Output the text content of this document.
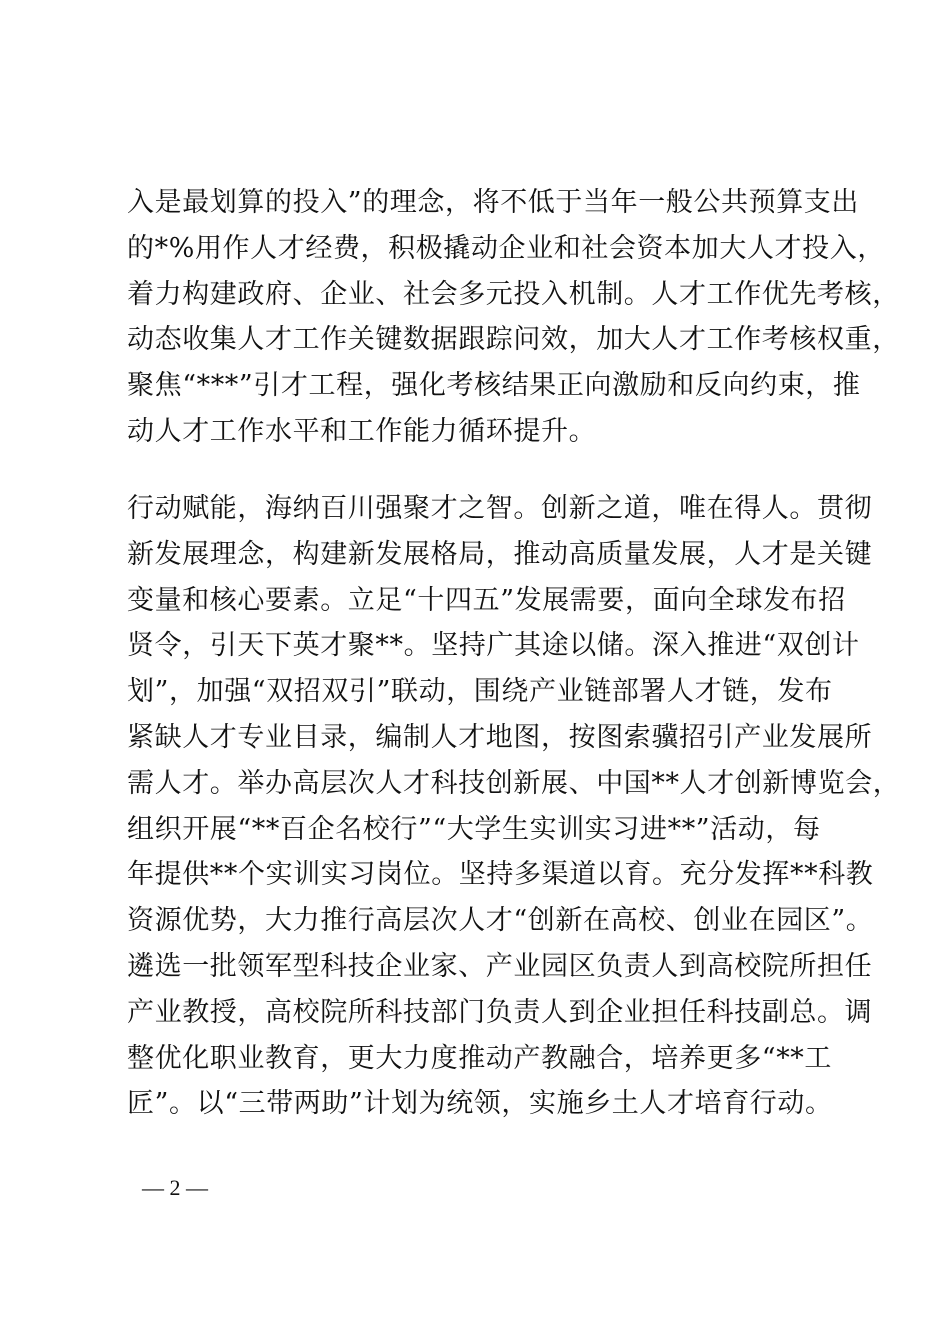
入是最划算的投入”的理念，将不低于当年一般公共预算支出
的*%用作人才经费，积极撬动企业和社会资本加大人才投入，
着力构建政府、企业、社会多元投入机制。人才工作优先考核，
动态收集人才工作关键数据跟踪问效，加大人才工作考核权重，
聚焦“***”引才工程，强化考核结果正向激励和反向约束，推
动人才工作水平和工作能力循环提升。
行动赋能，海纳百川强聚才之智。创新之道，唯在得人。贯彻
新发展理念，构建新发展格局，推动高质量发展，人才是关键
变量和核心要素。立足“十四五”发展需要，面向全球发布招
贤令，引天下英才聚**。坚持广其途以储。深入推进“双创计
划”，加强“双招双引”联动，围绕产业链部署人才链，发布
紧缺人才专业目录，编制人才地图，按图索骥招引产业发展所
需人才。举办高层次人才科技创新展、中国**人才创新博览会，
组织开展“**百企名校行”“大学生实训实习进**”活动，每
年提供**个实训实习岗位。坚持多渠道以育。充分发挥**科教
资源优势，大力推行高层次人才“创新在高校、创业在园区”。
遴选一批领军型科技企业家、产业园区负责人到高校院所担任
产业教授，高校院所科技部门负责人到企业担任科技副总。调
整优化职业教育，更大力度推动产教融合，培养更多“**工
匠”。以“三带两助”计划为统领，实施乡土人才培育行动。
— 2 —
